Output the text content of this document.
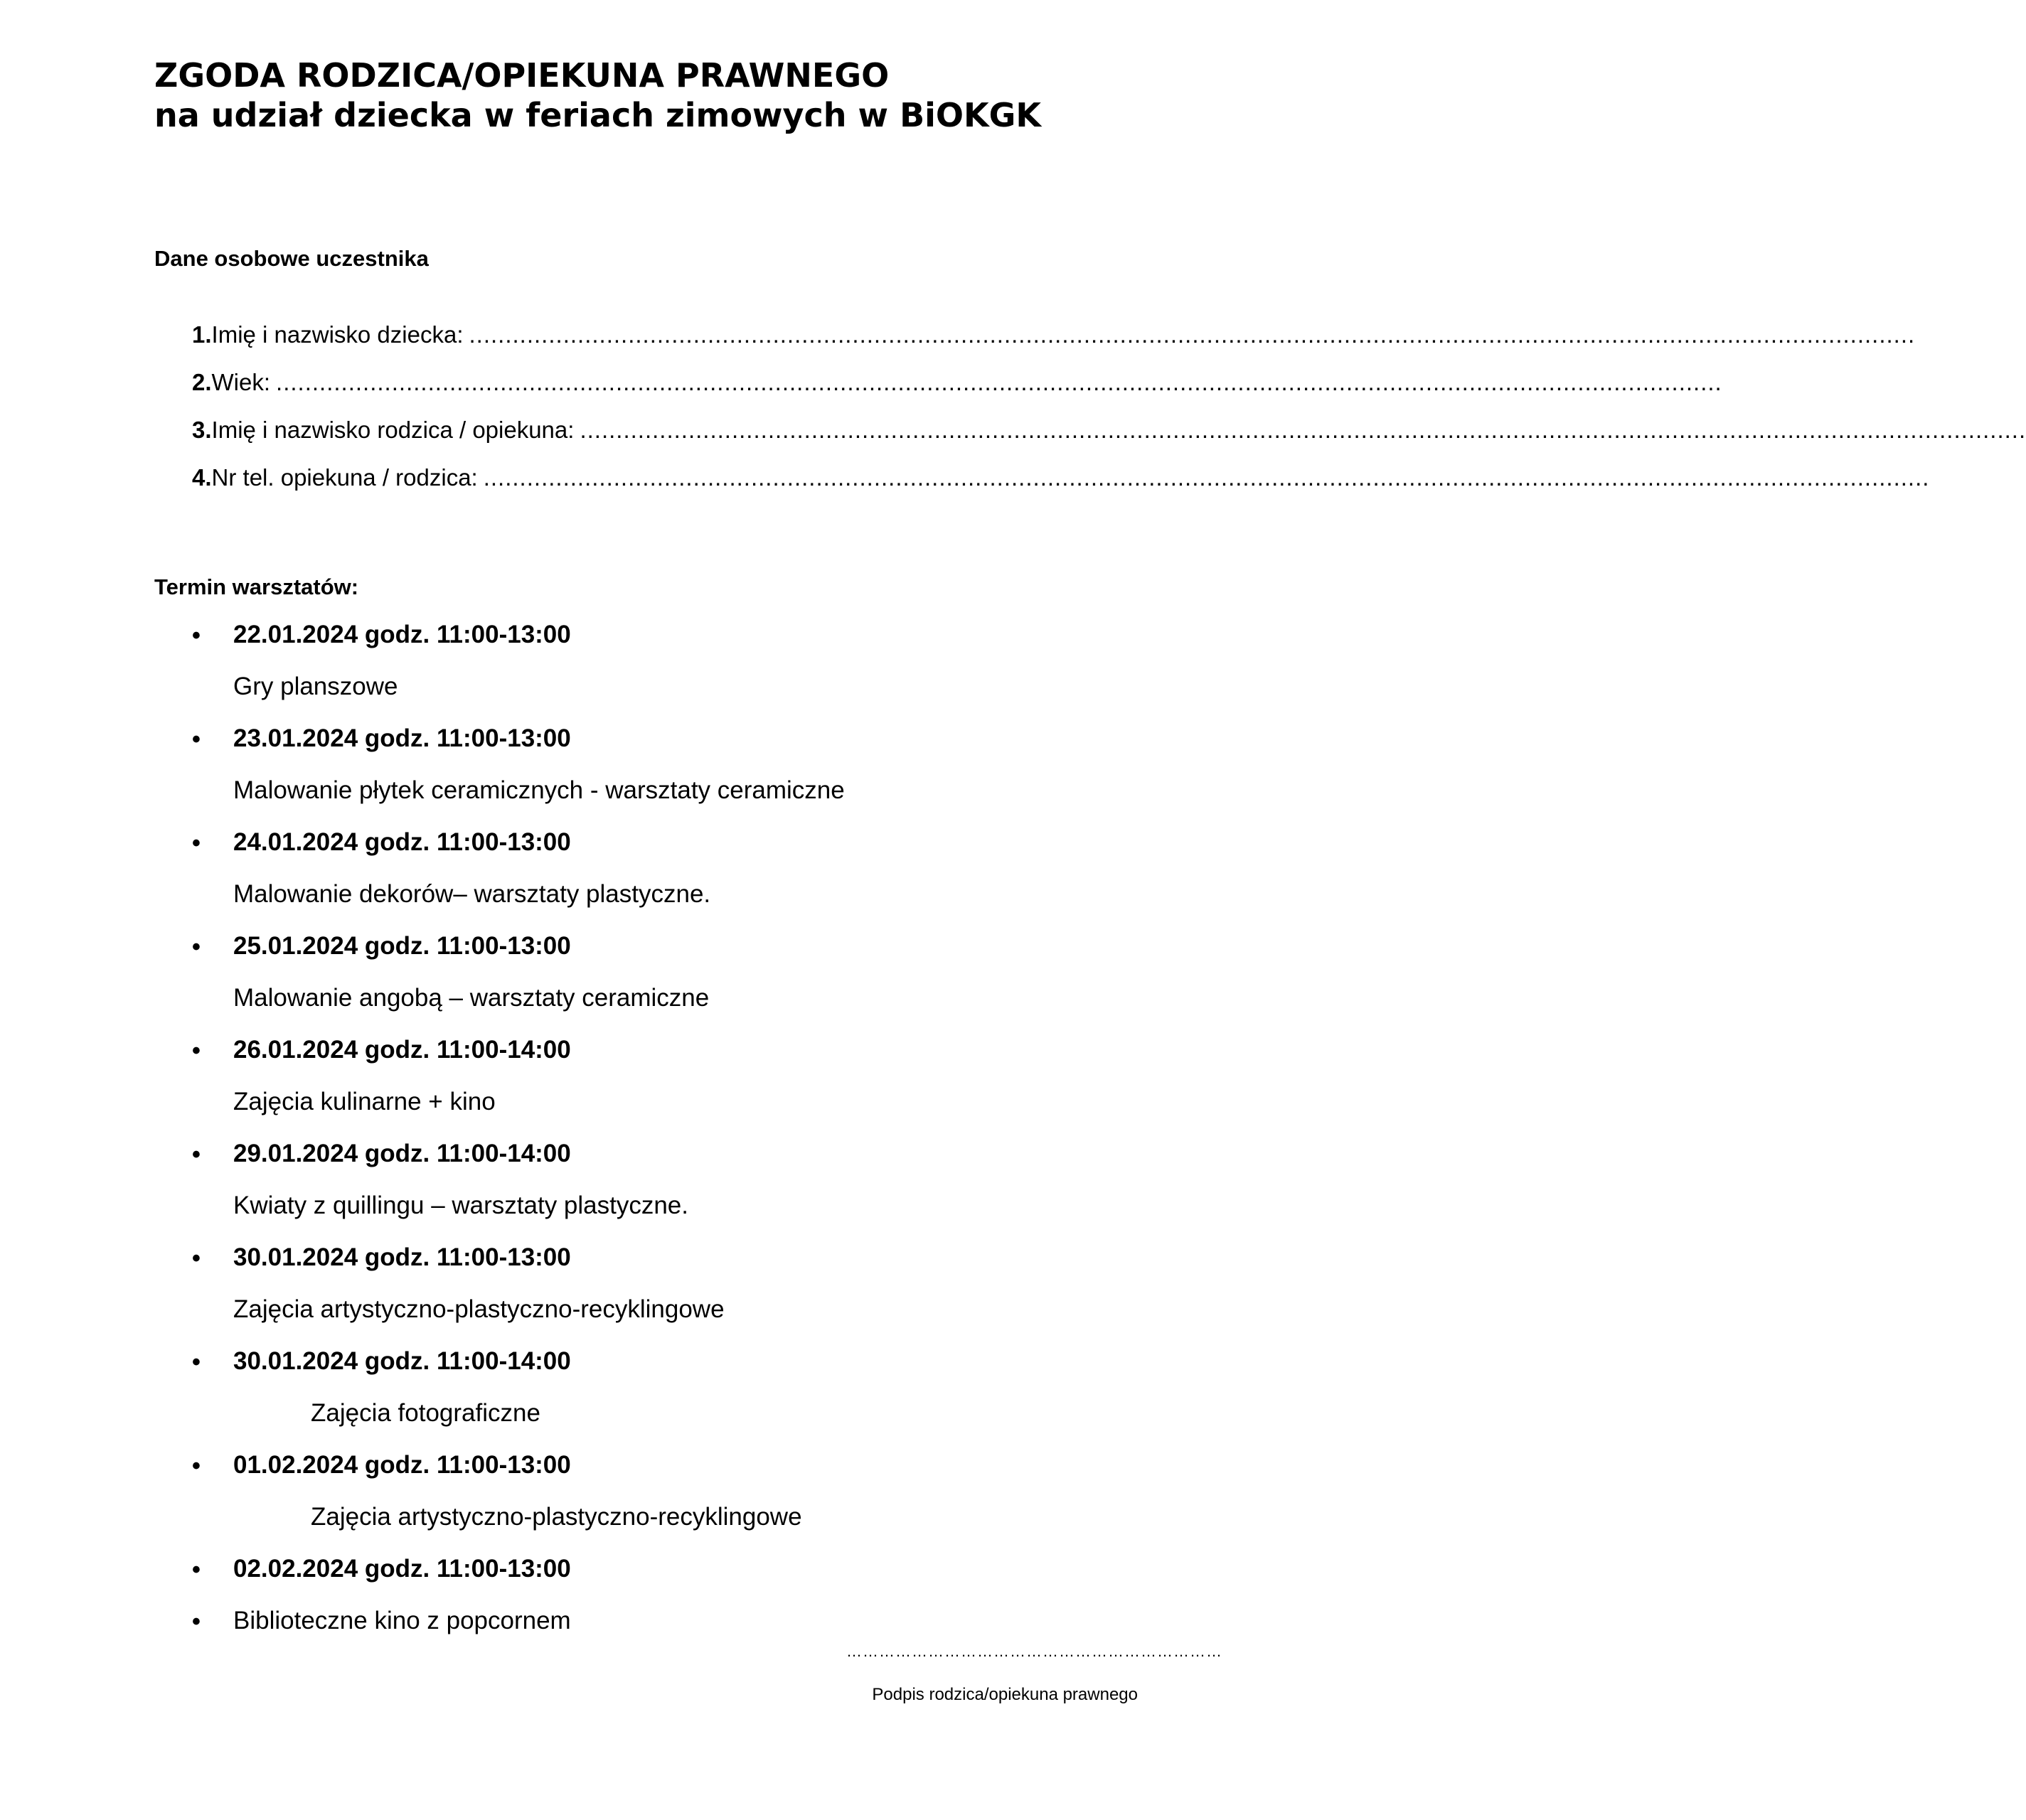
ZGODA RODZICA/OPIEKUNA PRAWNEGO
na udział dziecka w feriach zimowych w BiOKGK
Dane osobowe uczestnika
1. Imię i nazwisko dziecka: ........................................................................................................................................................................................................
2. Wiek: ........................................................................................................................................................................................................
3. Imię i nazwisko rodzica / opiekuna: ........................................................................................................................................................................................................
4. Nr tel. opiekuna / rodzica: ........................................................................................................................................................................................................
Termin warsztatów:
• 22.01.2024 godz. 11:00-13:00
Gry planszowe
• 23.01.2024 godz. 11:00-13:00
Malowanie płytek ceramicznych - warsztaty ceramiczne
• 24.01.2024 godz. 11:00-13:00
Malowanie dekorów– warsztaty plastyczne.
• 25.01.2024 godz. 11:00-13:00
Malowanie angobą – warsztaty ceramiczne
• 26.01.2024 godz. 11:00-14:00
Zajęcia kulinarne + kino
• 29.01.2024 godz. 11:00-14:00
Kwiaty z quillingu – warsztaty plastyczne.
• 30.01.2024 godz. 11:00-13:00
Zajęcia artystyczno-plastyczno-recyklingowe
• 30.01.2024 godz. 11:00-14:00
Zajęcia fotograficzne
• 01.02.2024 godz. 11:00-13:00
Zajęcia artystyczno-plastyczno-recyklingowe
• 02.02.2024 godz. 11:00-13:00
• Biblioteczne kino z popcornem
……………………………………………………………
Podpis rodzica/opiekuna prawnego
